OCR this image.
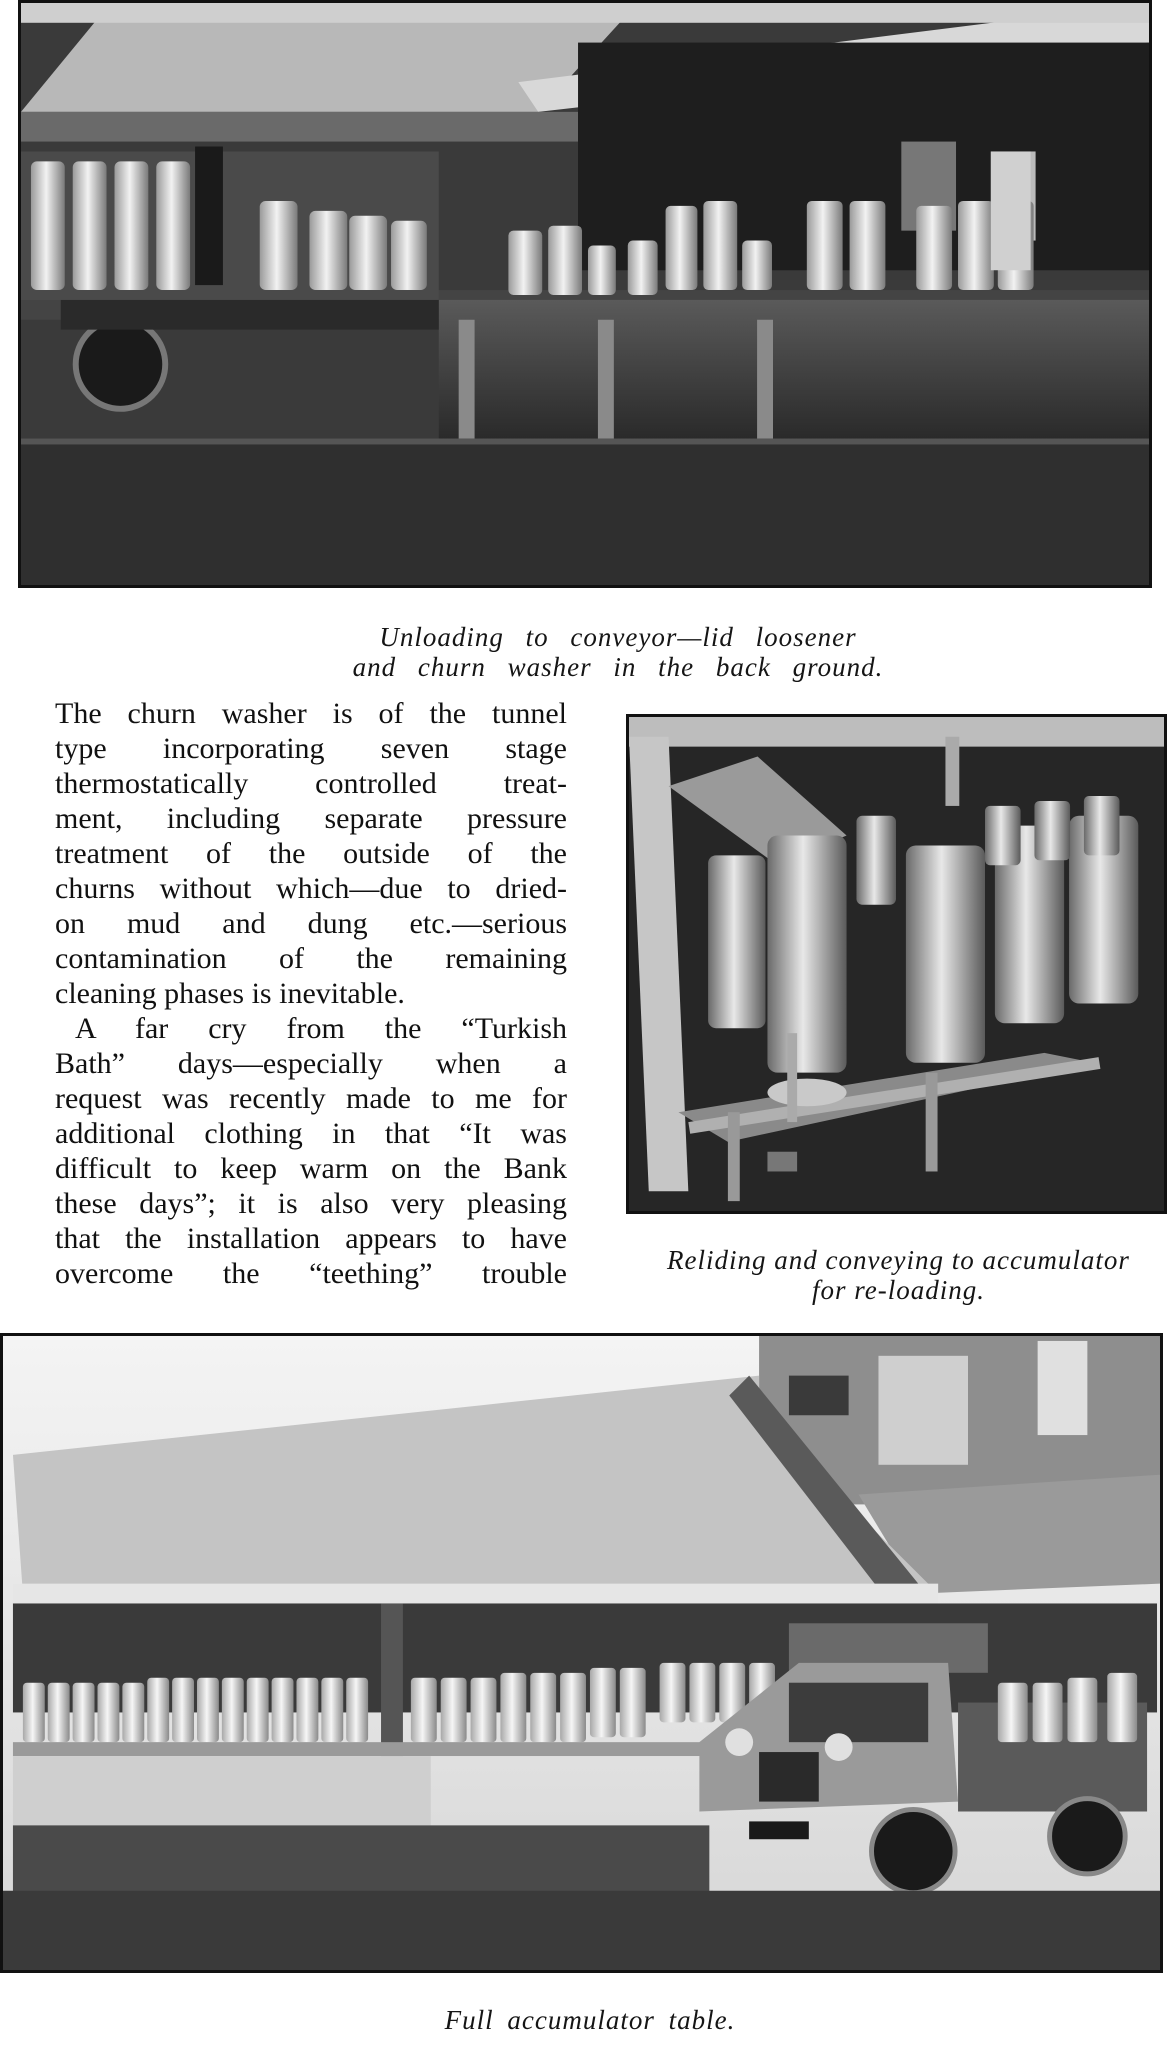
Unloading to conveyor—lid loosener
and churn washer in the back ground.
The churn washer is of the tunnel
type incorporating seven stage
thermostatically controlled treat-
ment, including separate pressure
treatment of the outside of the
churns without which—due to dried-
on mud and dung etc.—serious
contamination of the remaining
cleaning phases is inevitable.
A far cry from the “Turkish
Bath” days—especially when a
request was recently made to me for
additional clothing in that “It was
difficult to keep warm on the Bank
these days”; it is also very pleasing
that the installation appears to have
overcome the “teething” trouble	Reliding and conveying to accumulator
for re-loading.
Full accumulator table.
